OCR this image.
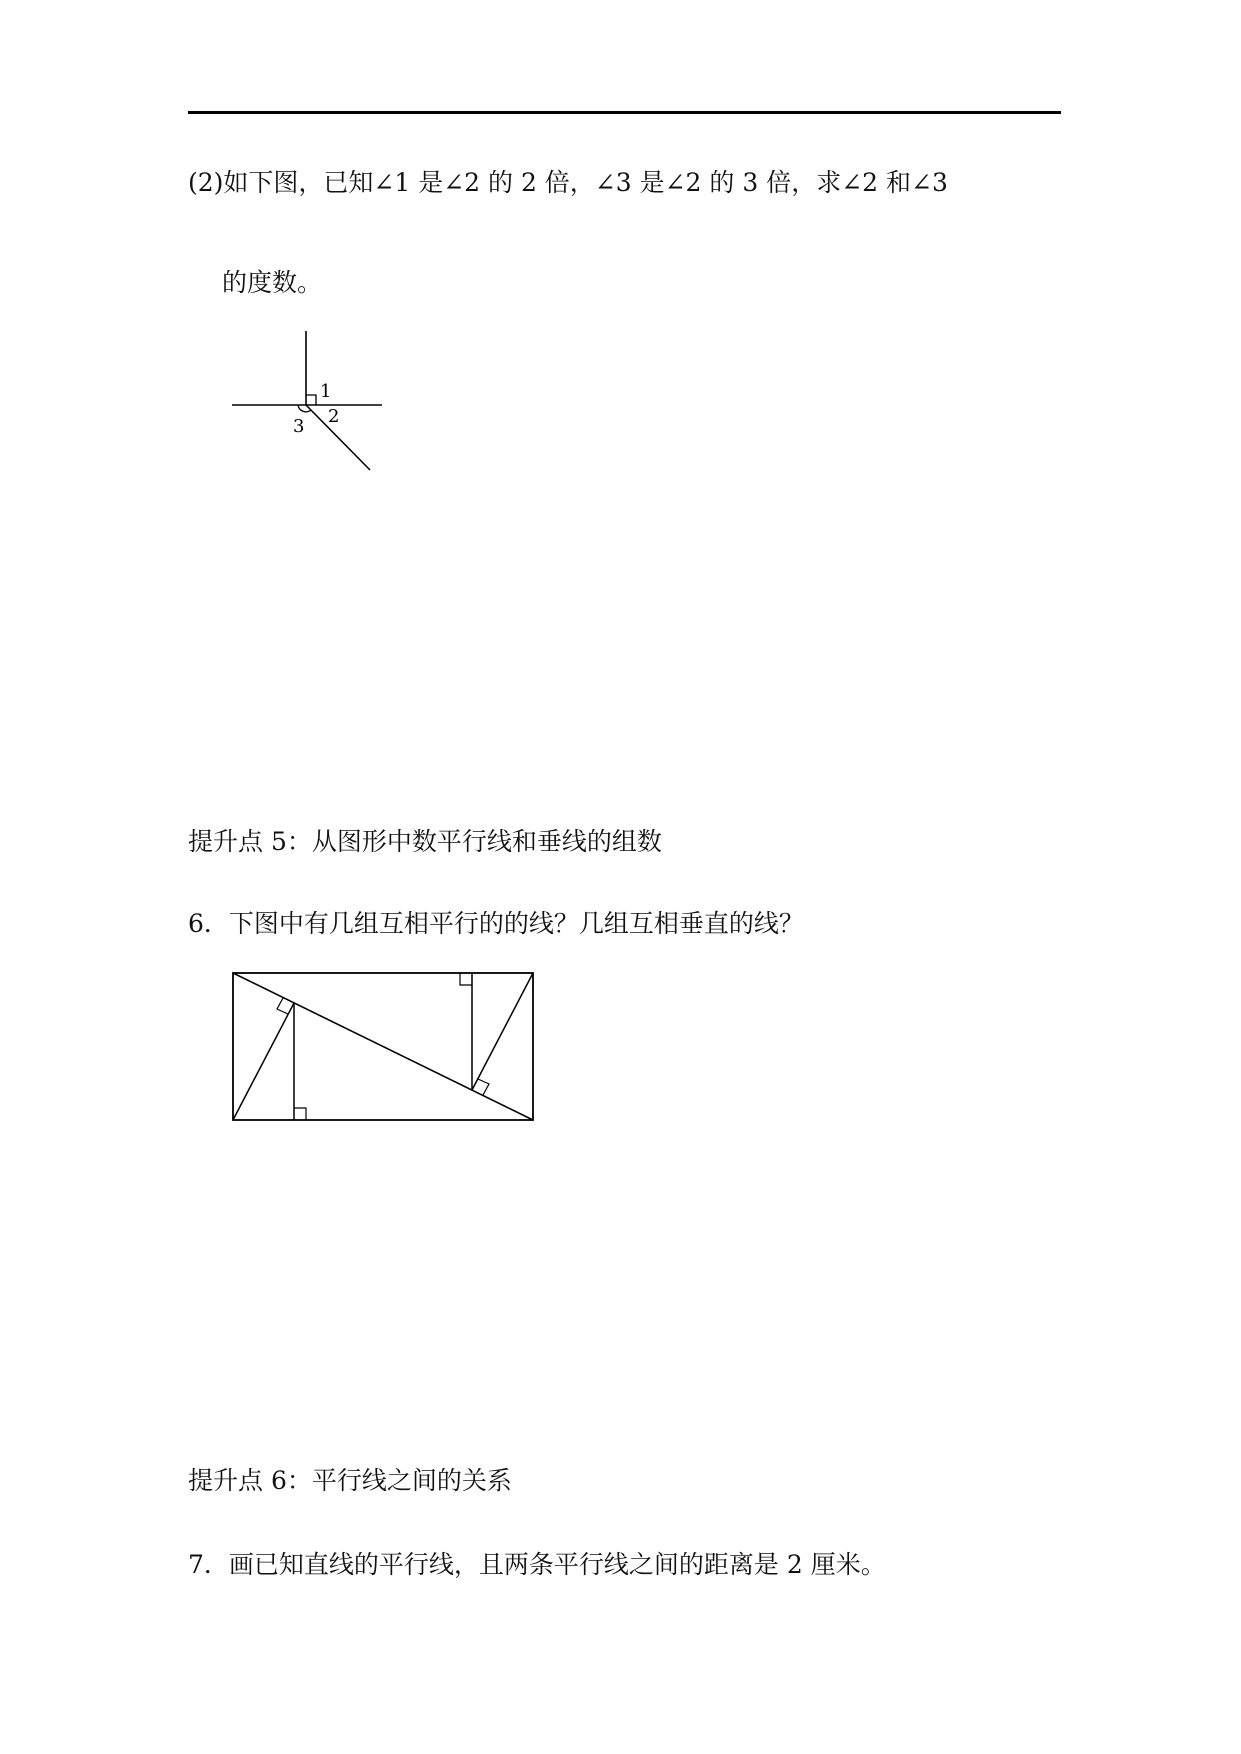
(2)如下图，已知∠1 是∠2 的 2 倍，∠3 是∠2 的 3 倍，求∠2 和∠3
的度数。
1
2
3
提升点 5：从图形中数平行线和垂线的组数
6．下图中有几组互相平行的的线？几组互相垂直的线？
提升点 6：平行线之间的关系
7．画已知直线的平行线，且两条平行线之间的距离是 2 厘米。
